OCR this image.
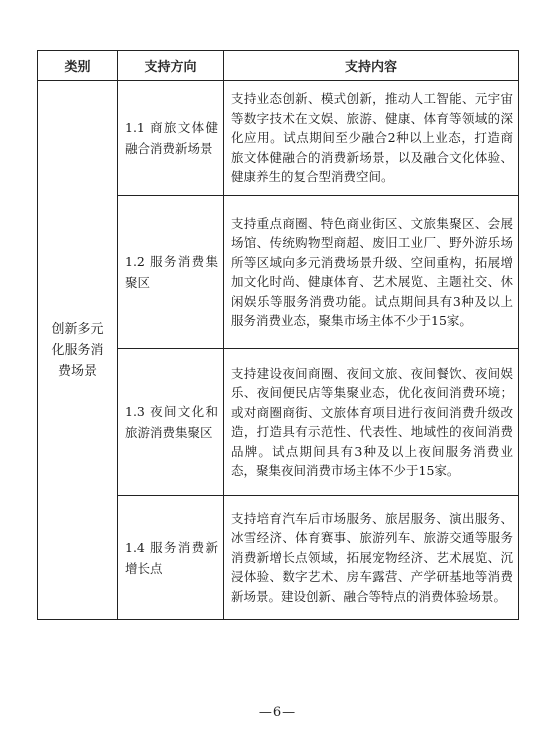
类别	支持方向	支持内容
创新多元化服务消费场景	1.1 商旅文体健融合消费新场景	支持业态创新、模式创新，推动人工智能、元宇宙等数字技术在文娱、旅游、健康、体育等领域的深化应用。试点期间至少融合2种以上业态，打造商旅文体健融合的消费新场景，以及融合文化体验、健康养生的复合型消费空间。
	1.2 服务消费集聚区	支持重点商圈、特色商业街区、文旅集聚区、会展场馆、传统购物型商超、废旧工业厂、野外游乐场所等区域向多元消费场景升级、空间重构，拓展增加文化时尚、健康体育、艺术展览、主题社交、休闲娱乐等服务消费功能。试点期间具有3种及以上服务消费业态，聚集市场主体不少于15家。
	1.3 夜间文化和旅游消费集聚区	支持建设夜间商圈、夜间文旅、夜间餐饮、夜间娱乐、夜间便民店等集聚业态，优化夜间消费环境；或对商圈商街、文旅体育项目进行夜间消费升级改造，打造具有示范性、代表性、地域性的夜间消费品牌。试点期间具有3种及以上夜间服务消费业态，聚集夜间消费市场主体不少于15家。
	1.4 服务消费新增长点	支持培育汽车后市场服务、旅居服务、演出服务、冰雪经济、体育赛事、旅游列车、旅游交通等服务消费新增长点领域，拓展宠物经济、艺术展览、沉浸体验、数字艺术、房车露营、产学研基地等消费新场景。建设创新、融合等特点的消费体验场景。
—6—
